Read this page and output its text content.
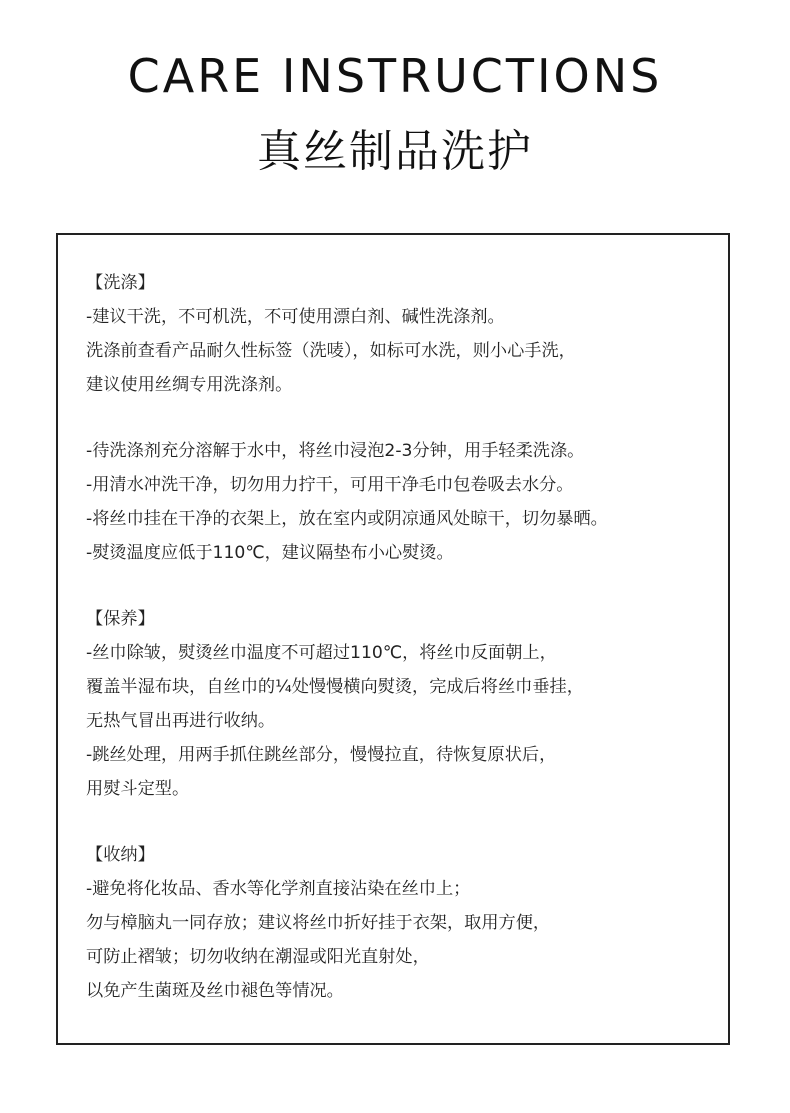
CARE INSTRUCTIONS
真丝制品洗护
【洗涤】
-建议干洗，不可机洗，不可使用漂白剂、碱性洗涤剂。
洗涤前查看产品耐久性标签（洗唛），如标可水洗，则小心手洗，
建议使用丝绸专用洗涤剂。
-待洗涤剂充分溶解于水中，将丝巾浸泡2-3分钟，用手轻柔洗涤。
-用清水冲洗干净，切勿用力拧干，可用干净毛巾包卷吸去水分。
-将丝巾挂在干净的衣架上，放在室内或阴凉通风处晾干，切勿暴晒。
-熨烫温度应低于110℃，建议隔垫布小心熨烫。
【保养】
-丝巾除皱，熨烫丝巾温度不可超过110℃，将丝巾反面朝上，
覆盖半湿布块，自丝巾的¼处慢慢横向熨烫，完成后将丝巾垂挂，
无热气冒出再进行收纳。
-跳丝处理，用两手抓住跳丝部分，慢慢拉直，待恢复原状后，
用熨斗定型。
【收纳】
-避免将化妆品、香水等化学剂直接沾染在丝巾上；
勿与樟脑丸一同存放；建议将丝巾折好挂于衣架，取用方便，
可防止褶皱；切勿收纳在潮湿或阳光直射处，
以免产生菌斑及丝巾褪色等情况。
